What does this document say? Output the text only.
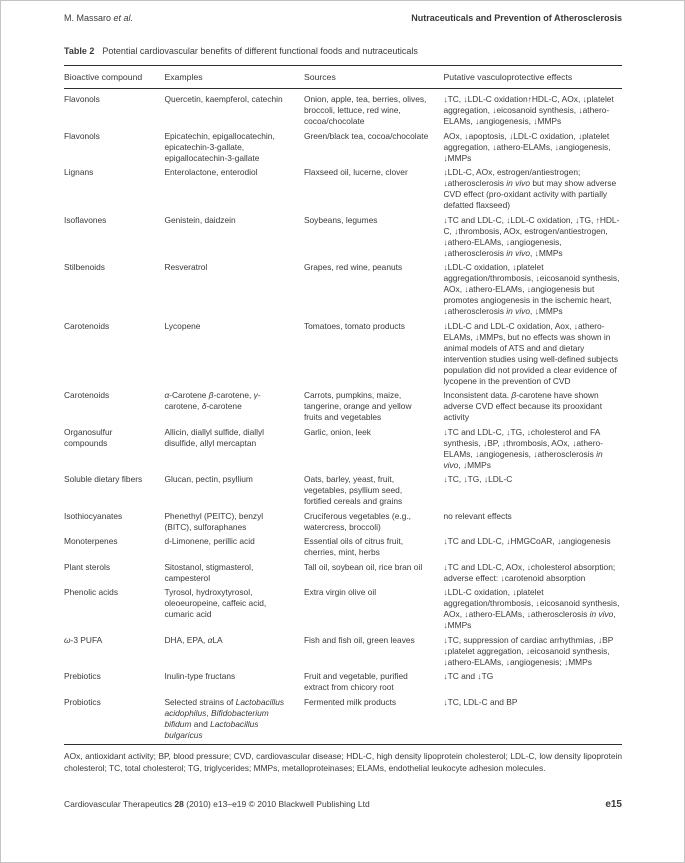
M. Massaro et al.	Nutraceuticals and Prevention of Atherosclerosis
Table 2 Potential cardiovascular benefits of different functional foods and nutraceuticals
Bioactive compound	Examples	Sources	Putative vasculoprotective effects
Flavonols	Quercetin, kaempferol, catechin	Onion, apple, tea, berries, olives, broccoli, lettuce, red wine, cocoa/chocolate	↓TC, ↓LDL-C oxidation↑HDL-C, AOx, ↓platelet aggregation, ↓eicosanoid synthesis, ↓athero-ELAMs, ↓angiogenesis, ↓MMPs
Flavonols	Epicatechin, epigallocatechin, epicatechin-3-gallate, epigallocatechin-3-gallate	Green/black tea, cocoa/chocolate	AOx, ↓apoptosis, ↓LDL-C oxidation, ↓platelet aggregation, ↓athero-ELAMs, ↓angiogenesis, ↓MMPs
Lignans	Enterolactone, enterodiol	Flaxseed oil, lucerne, clover	↓LDL-C, AOx, estrogen/antiestrogen; ↓atherosclerosis in vivo but may show adverse CVD effect (pro-oxidant activity with partially defatted flaxseed)
Isoflavones	Genistein, daidzein	Soybeans, legumes	↓TC and LDL-C, ↓LDL-C oxidation, ↓TG, ↑HDL-C, ↓thrombosis, AOx, estrogen/antiestrogen, ↓athero-ELAMs, ↓angiogenesis, ↓atherosclerosis in vivo, ↓MMPs
Stilbenoids	Resveratrol	Grapes, red wine, peanuts	↓LDL-C oxidation, ↓platelet aggregation/thrombosis, ↓eicosanoid synthesis, AOx, ↓athero-ELAMs, ↓angiogenesis but promotes angiogenesis in the ischemic heart, ↓atherosclerosis in vivo, ↓MMPs
Carotenoids	Lycopene	Tomatoes, tomato products	↓LDL-C and LDL-C oxidation, Aox, ↓athero-ELAMs, ↓MMPs, but no effects was shown in animal models of ATS and and dietary intervention studies using well-defined subjects population did not provided a clear evidence of lycopene in the prevention of CVD
Carotenoids	α-Carotene β-carotene, γ-carotene, δ-carotene	Carrots, pumpkins, maize, tangerine, orange and yellow fruits and vegetables	Inconsistent data. β-carotene have shown adverse CVD effect because its prooxidant activity
Organosulfur compounds	Allicin, diallyl sulfide, diallyl disulfide, allyl mercaptan	Garlic, onion, leek	↓TC and LDL-C, ↓TG, ↓cholesterol and FA synthesis, ↓BP, ↓thrombosis, AOx, ↓athero-ELAMs, ↓angiogenesis, ↓atherosclerosis in vivo, ↓MMPs
Soluble dietary fibers	Glucan, pectin, psyllium	Oats, barley, yeast, fruit, vegetables, psyllium seed, fortified cereals and grains	↓TC, ↓TG, ↓LDL-C
Isothiocyanates	Phenethyl (PEITC), benzyl (BITC), sulforaphanes	Cruciferous vegetables (e.g., watercress, broccoli)	no relevant effects
Monoterpenes	d-Limonene, perillic acid	Essential oils of citrus fruit, cherries, mint, herbs	↓TC and LDL-C, ↓HMGCoAR, ↓angiogenesis
Plant sterols	Sitostanol, stigmasterol, campesterol	Tall oil, soybean oil, rice bran oil	↓TC and LDL-C, AOx, ↓cholesterol absorption; adverse effect: ↓carotenoid absorption
Phenolic acids	Tyrosol, hydroxytyrosol, oleoeuropeine, caffeic acid, cumaric acid	Extra virgin olive oil	↓LDL-C oxidation, ↓platelet aggregation/thrombosis, ↓eicosanoid synthesis, AOx, ↓athero-ELAMs, ↓atherosclerosis in vivo, ↓MMPs
ω-3 PUFA	DHA, EPA, αLA	Fish and fish oil, green leaves	↓TC, suppression of cardiac arrhythmias, ↓BP ↓platelet aggregation, ↓eicosanoid synthesis, ↓athero-ELAMs, ↓angiogenesis; ↓MMPs
Prebiotics	Inulin-type fructans	Fruit and vegetable, purified extract from chicory root	↓TC and ↓TG
Probiotics	Selected strains of Lactobacillus acidophilus, Bifidobacterium bifidum and Lactobacillus bulgaricus	Fermented milk products	↓TC, LDL-C and BP

AOx, antioxidant activity; BP, blood pressure; CVD, cardiovascular disease; HDL-C, high density lipoprotein cholesterol; LDL-C, low density lipoprotein cholesterol; TC, total cholesterol; TG, triglycerides; MMPs, metalloproteinases; ELAMs, endothelial leukocyte adhesion molecules.

Cardiovascular Therapeutics 28 (2010) e13–e19 © 2010 Blackwell Publishing Ltd	e15
